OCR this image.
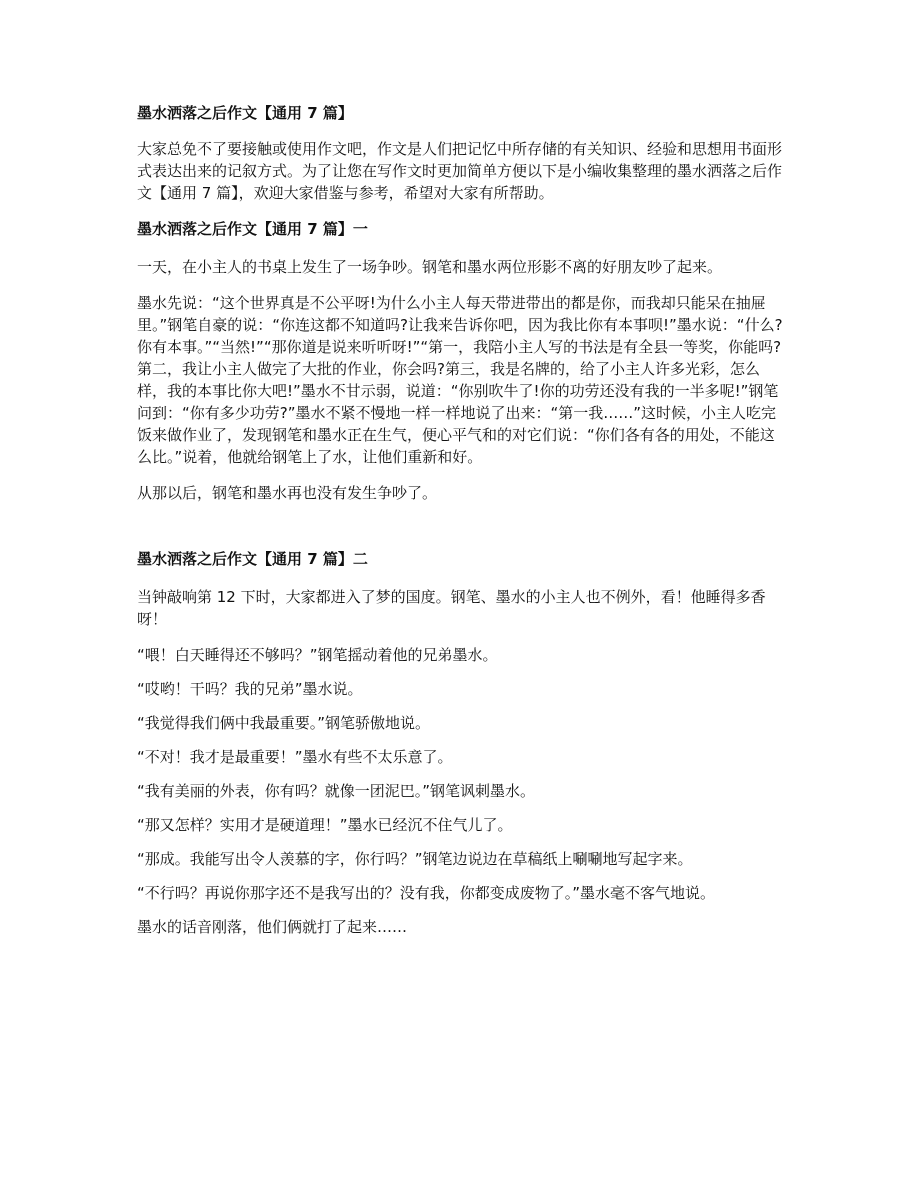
墨水洒落之后作文【通用 7 篇】

大家总免不了要接触或使用作文吧，作文是人们把记忆中所存储的有关知识、经验和思想用书面形式表达出来的记叙方式。为了让您在写作文时更加简单方便以下是小编收集整理的墨水洒落之后作文【通用 7 篇】，欢迎大家借鉴与参考，希望对大家有所帮助。

墨水洒落之后作文【通用 7 篇】一

一天，在小主人的书桌上发生了一场争吵。钢笔和墨水两位形影不离的好朋友吵了起来。

墨水先说：“这个世界真是不公平呀!为什么小主人每天带进带出的都是你，而我却只能呆在抽屉里。”钢笔自豪的说：“你连这都不知道吗?让我来告诉你吧，因为我比你有本事呗!”墨水说：“什么?你有本事。”“当然!”“那你道是说来听听呀!”“第一，我陪小主人写的书法是有全县一等奖，你能吗?第二，我让小主人做完了大批的作业，你会吗?第三，我是名牌的，给了小主人许多光彩，怎么样，我的本事比你大吧!”墨水不甘示弱，说道：“你别吹牛了!你的功劳还没有我的一半多呢!”钢笔问到：“你有多少功劳?”墨水不紧不慢地一样一样地说了出来：“第一我……”这时候，小主人吃完饭来做作业了，发现钢笔和墨水正在生气，便心平气和的对它们说：“你们各有各的用处，不能这么比。”说着，他就给钢笔上了水，让他们重新和好。

从那以后，钢笔和墨水再也没有发生争吵了。

墨水洒落之后作文【通用 7 篇】二

当钟敲响第 12 下时，大家都进入了梦的国度。钢笔、墨水的小主人也不例外，看！他睡得多香呀！

“喂！白天睡得还不够吗？”钢笔摇动着他的兄弟墨水。

“哎哟！干吗？我的兄弟”墨水说。

“我觉得我们俩中我最重要。”钢笔骄傲地说。

“不对！我才是最重要！”墨水有些不太乐意了。

“我有美丽的外表，你有吗？就像一团泥巴。”钢笔讽刺墨水。

“那又怎样？实用才是硬道理！”墨水已经沉不住气儿了。

“那成。我能写出令人羡慕的字，你行吗？”钢笔边说边在草稿纸上唰唰地写起字来。

“不行吗？再说你那字还不是我写出的？没有我，你都变成废物了。”墨水毫不客气地说。

墨水的话音刚落，他们俩就打了起来……
